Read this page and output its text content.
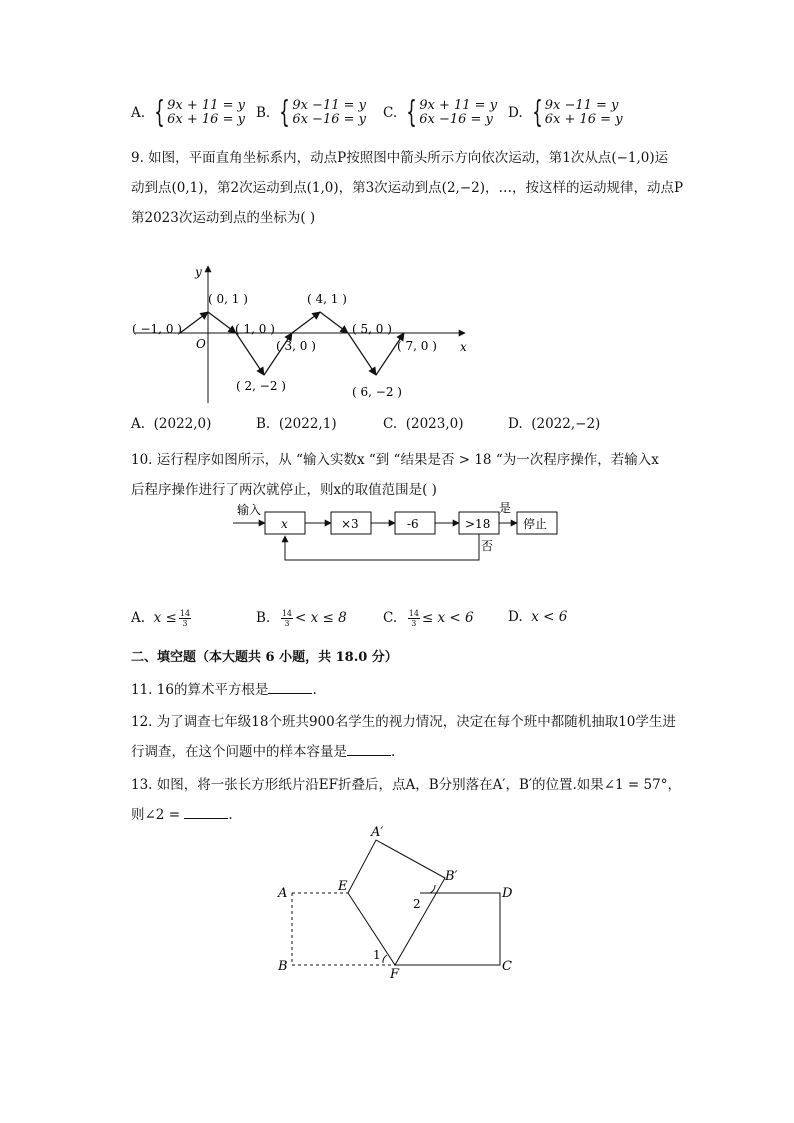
A. { 9x + 11 = y
6x + 16 = y B. { 9x −11 = y
6x −16 = y C. { 9x + 11 = y
6x −16 = y	D. { 9x −11 = y
6x + 16 = y
9. 如图，平面直角坐标系内，动点P按照图中箭头所示方向依次运动，第1次从点(−1,0)运
动到点(0,1)，第2次运动到点(1,0)，第3次运动到点(2,−2)，…，按这样的运动规律，动点P
第2023次运动到点的坐标为( )
y
x
O
( −1, 0 )
( 0, 1 )
( 1, 0 )
( 2, −2 )
( 3, 0 )
( 4, 1 )
( 5, 0 )
( 6, −2 )
( 7, 0 )
A. (2022,0)	B. (2022,1)	C. (2023,0)	D. (2022,−2)
10. 运行程序如图所示，从 “输入实数x “到 “结果是否 > 18 “为一次程序操作，若输入x
后程序操作进行了两次就停止，则x的取值范围是( )
输入
x	×3	-6	>18
是
停止
否
A. $x \le \frac{14}{3}$	B. $\frac{14}{3} < x \le 8$	C. $\frac{14}{3} \le x < 6$	D. x < 6
二、填空题（本大题共 6 小题，共 18.0 分）
11. 16的算术平方根是	.
12. 为了调查七年级18个班共900名学生的视力情况，决定在每个班中都随机抽取10学生进
行调查，在这个问题中的样本容量是	.
13. 如图，将一张长方形纸片沿EF折叠后，点A，B分别落在A′，B′的位置.如果∠1 = 57°，
则∠2 =	.
A
B	C
D
E
F
A′
B′
1
2
